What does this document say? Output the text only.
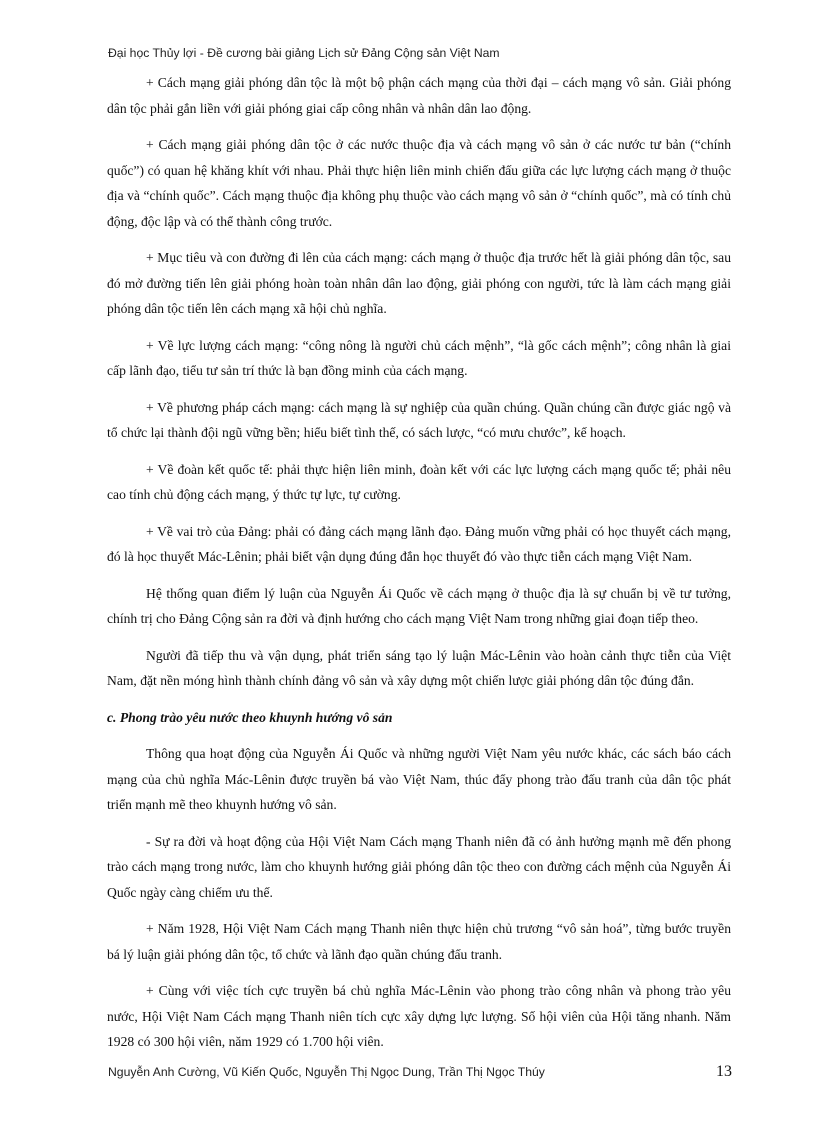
Đại học Thủy lợi - Đề cương bài giảng Lịch sử Đảng Cộng sản Việt Nam

+ Cách mạng giải phóng dân tộc là một bộ phận cách mạng của thời đại – cách mạng vô sản. Giải phóng dân tộc phải gắn liền với giải phóng giai cấp công nhân và nhân dân lao động.

+ Cách mạng giải phóng dân tộc ở các nước thuộc địa và cách mạng vô sản ở các nước tư bản (“chính quốc”) có quan hệ khăng khít với nhau. Phải thực hiện liên minh chiến đấu giữa các lực lượng cách mạng ở thuộc địa và “chính quốc”. Cách mạng thuộc địa không phụ thuộc vào cách mạng vô sản ở “chính quốc”, mà có tính chủ động, độc lập và có thể thành công trước.

+ Mục tiêu và con đường đi lên của cách mạng: cách mạng ở thuộc địa trước hết là giải phóng dân tộc, sau đó mở đường tiến lên giải phóng hoàn toàn nhân dân lao động, giải phóng con người, tức là làm cách mạng giải phóng dân tộc tiến lên cách mạng xã hội chủ nghĩa.

+ Về lực lượng cách mạng: “công nông là người chủ cách mệnh”, “là gốc cách mệnh”; công nhân là giai cấp lãnh đạo, tiểu tư sản trí thức là bạn đồng minh của cách mạng.

+ Về phương pháp cách mạng: cách mạng là sự nghiệp của quần chúng. Quần chúng cần được giác ngộ và tổ chức lại thành đội ngũ vững bền; hiểu biết tình thế, có sách lược, “có mưu chước”, kế hoạch.

+ Về đoàn kết quốc tế: phải thực hiện liên minh, đoàn kết với các lực lượng cách mạng quốc tế; phải nêu cao tính chủ động cách mạng, ý thức tự lực, tự cường.

+ Về vai trò của Đảng: phải có đảng cách mạng lãnh đạo. Đảng muốn vững phải có học thuyết cách mạng, đó là học thuyết Mác-Lênin; phải biết vận dụng đúng đắn học thuyết đó vào thực tiễn cách mạng Việt Nam.

Hệ thống quan điểm lý luận của Nguyễn Ái Quốc về cách mạng ở thuộc địa là sự chuẩn bị về tư tưởng, chính trị cho Đảng Cộng sản ra đời và định hướng cho cách mạng Việt Nam trong những giai đoạn tiếp theo.

Người đã tiếp thu và vận dụng, phát triển sáng tạo lý luận Mác-Lênin vào hoàn cảnh thực tiễn của Việt Nam, đặt nền móng hình thành chính đảng vô sản và xây dựng một chiến lược giải phóng dân tộc đúng đắn.

c. Phong trào yêu nước theo khuynh hướng vô sản

Thông qua hoạt động của Nguyễn Ái Quốc và những người Việt Nam yêu nước khác, các sách báo cách mạng của chủ nghĩa Mác-Lênin được truyền bá vào Việt Nam, thúc đẩy phong trào đấu tranh của dân tộc phát triển mạnh mẽ theo khuynh hướng vô sản.

- Sự ra đời và hoạt động của Hội Việt Nam Cách mạng Thanh niên đã có ảnh hưởng mạnh mẽ đến phong trào cách mạng trong nước, làm cho khuynh hướng giải phóng dân tộc theo con đường cách mệnh của Nguyễn Ái Quốc ngày càng chiếm ưu thế.

+ Năm 1928, Hội Việt Nam Cách mạng Thanh niên thực hiện chủ trương “vô sản hoá”, từng bước truyền bá lý luận giải phóng dân tộc, tổ chức và lãnh đạo quần chúng đấu tranh.

+ Cùng với việc tích cực truyền bá chủ nghĩa Mác-Lênin vào phong trào công nhân và phong trào yêu nước, Hội Việt Nam Cách mạng Thanh niên tích cực xây dựng lực lượng. Số hội viên của Hội tăng nhanh. Năm 1928 có 300 hội viên, năm 1929 có 1.700 hội viên.

Nguyễn Anh Cường, Vũ Kiến Quốc, Nguyễn Thị Ngọc Dung, Trần Thị Ngọc Thúy	13
